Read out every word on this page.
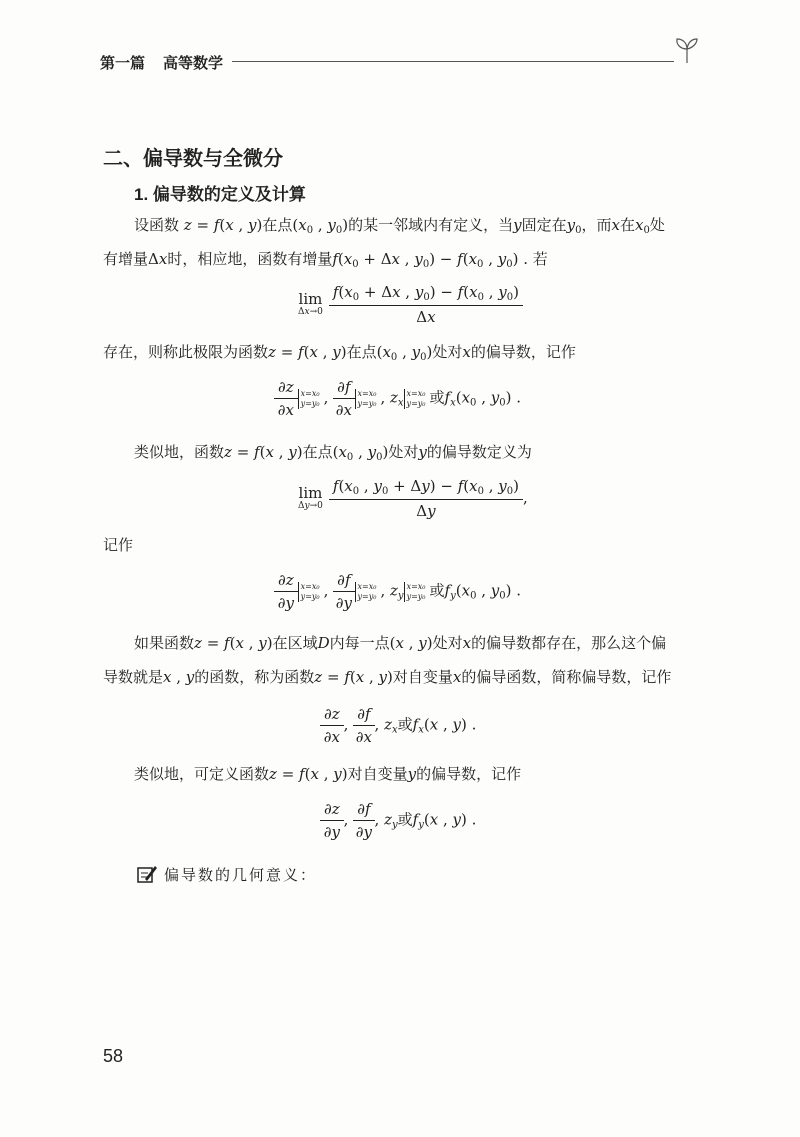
第一篇 高等数学
二、偏导数与全微分
1. 偏导数的定义及计算
设函数 z = f(x , y)在点($x_0$ , $y_0$)的某一邻域内有定义，当y固定在$y_0$，而x在$x_0$处
有增量Δx时，相应地，函数有增量$f(x_0 + \Delta x$ , $y_0) - f(x_0$ , $y_0$) . 若
lim
$\Delta x\to 0 \frac{f(x_0 + \Delta x , y_0) - f(x_0 , y_0)}{\Delta x}$
存在，则称此极限为函数z = f(x , y)在点($x_0$ , $y_0$)处对x的偏导数，记作
$\frac{\partial z}{\partial x} x=x_0$
y=y₀ , $\frac{\partial f}{\partial x} x=x_0$
y=y₀ , $z_x$
x=x₀
y=y₀ 或$f_x(x_0$ , $y_0$) .
类似地，函数z = f(x , y)在点($x_0$ , $y_0$)处对y的偏导数定义为
lim
$\Delta y\to 0 \frac{f(x_0 , y_0 + \Delta y) - f(x_0 , y_0)}{\Delta y}$ ,
记作
$\frac{\partial z}{\partial y} x=x_0$
y=y₀ , $\frac{\partial f}{\partial y} x=x_0$
y=y₀ , $z_y$
x=x₀
y=y₀ 或$f_y(x_0$ , $y_0$) .
如果函数z = f(x , y)在区域D内每一点(x , y)处对x的偏导数都存在，那么这个偏
导数就是x , y的函数，称为函数z = f(x , y)对自变量x的偏导函数，简称偏导数，记作
$\frac{\partial z}{\partial x}$ , $\frac{\partial f}{\partial x}$ , $z_x$或$f_x(x$ , y) .
类似地，可定义函数z = f(x , y)对自变量y的偏导数，记作
$\frac{\partial z}{\partial y}$ , $\frac{\partial f}{\partial y}$ , $z_y$或$f_y(x$ , y) .
偏导数的几何意义：
58
